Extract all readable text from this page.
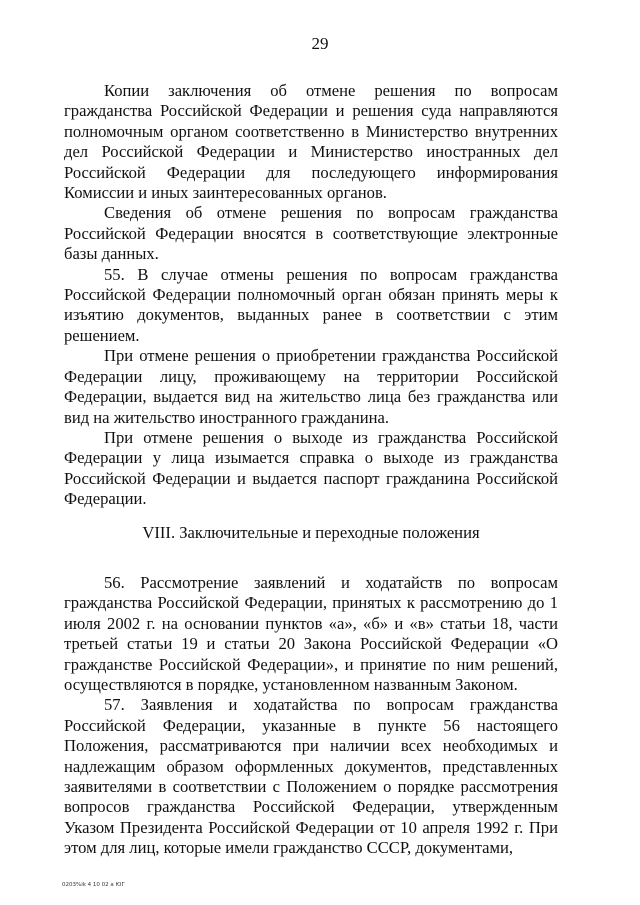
29

Копии заключения об отмене решения по вопросам гражданства Российской Федерации и решения суда направляются полномочным органом соответственно в Министерство внутренних дел Российской Федерации и Министерство иностранных дел Российской Федерации для последующего информирования Комиссии и иных заинтересованных органов.

Сведения об отмене решения по вопросам гражданства Российской Федерации вносятся в соответствующие электронные базы данных.

55. В случае отмены решения по вопросам гражданства Российской Федерации полномочный орган обязан принять меры к изъятию документов, выданных ранее в соответствии с этим решением.

При отмене решения о приобретении гражданства Российской Федерации лицу, проживающему на территории Российской Федерации, выдается вид на жительство лица без гражданства или вид на жительство иностранного гражданина.

При отмене решения о выходе из гражданства Российской Федерации у лица изымается справка о выходе из гражданства Российской Федерации и выдается паспорт гражданина Российской Федерации.

VIII. Заключительные и переходные положения

56. Рассмотрение заявлений и ходатайств по вопросам гражданства Российской Федерации, принятых к рассмотрению до 1 июля 2002 г. на основании пунктов «а», «б» и «в» статьи 18, части третьей статьи 19 и статьи 20 Закона Российской Федерации «О гражданстве Российской Федерации», и принятие по ним решений, осуществляются в порядке, установленном названным Законом.

57. Заявления и ходатайства по вопросам гражданства Российской Федерации, указанные в пункте 56 настоящего Положения, рассматриваются при наличии всех необходимых и надлежащим образом оформленных документов, представленных заявителями в соответствии с Положением о порядке рассмотрения вопросов гражданства Российской Федерации, утвержденным Указом Президента Российской Федерации от 10 апреля 1992 г. При этом для лиц, которые имели гражданство СССР, документами,

0203%ik 4 10 02 a ЮГ
